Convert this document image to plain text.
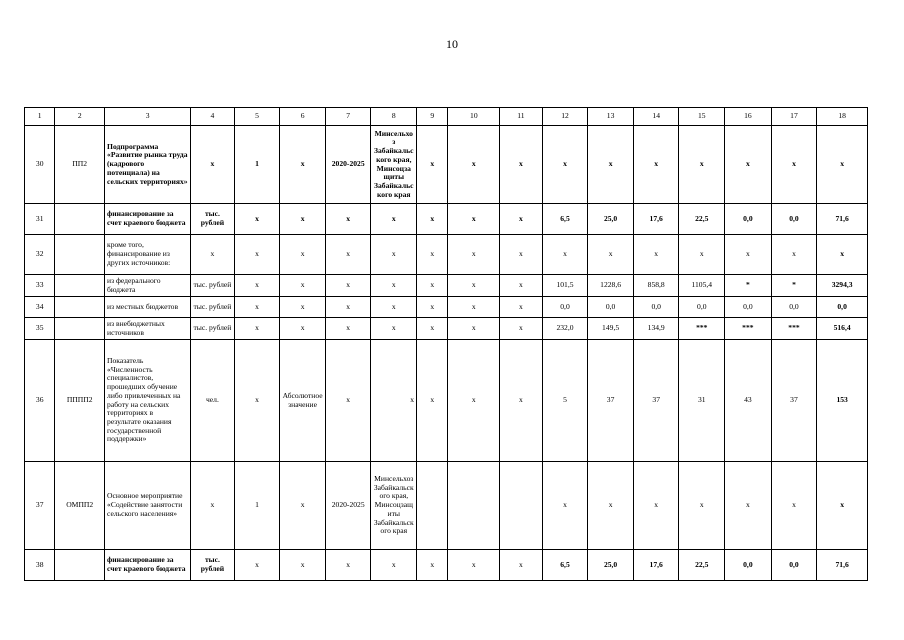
10
1	2	3	4	5	6	7	8	9	10	11	12	13	14	15	16	17	18
30	ПП2	Подпрограмма «Развитие рынка труда (кадрового потенциала) на сельских территориях»	x	1	x	2020-2025	Минсельхоз Забайкальского края, Минсоцзащиты Забайкальского края	x	x	x	x	x	x	x	x	x	x
31		финансирование за счет краевого бюджета	тыс. рублей	x	x	x	x	x	x	x	6,5	25,0	17,6	22,5	0,0	0,0	71,6
32		кроме того, финансирование из других источников:	x	x	x	x	x	x	x	x	x	x	x	x	x	x	x
33		из федерального бюджета	тыс. рублей	x	x	x	x	x	x	x	101,5	1228,6	858,8	1105,4	*	*	3294,3
34		из местных бюджетов	тыс. рублей	x	x	x	x	x	x	x	0,0	0,0	0,0	0,0	0,0	0,0	0,0
35		из внебюджетных источников	тыс. рублей	x	x	x	x	x	x	x	232,0	149,5	134,9	***	***	***	516,4
36	ПППП2	Показатель «Численность специалистов, прошедших обучение либо привлеченных на работу на сельских территориях в результате оказания государственной поддержки»	чел.	x	Абсолютное значение	x	x	x	x	x	5	37	37	31	43	37	153
37	ОМПП2	Основное мероприятие «Содействие занятости сельского населения»	x	1	x	2020-2025	Минсельхоз Забайкальского края, Минсоцзащиты Забайкальского края				x	x	x	x	x	x	x
38		финансирование за счет краевого бюджета	тыс. рублей	x	x	x	x	x	x	x	6,5	25,0	17,6	22,5	0,0	0,0	71,6
